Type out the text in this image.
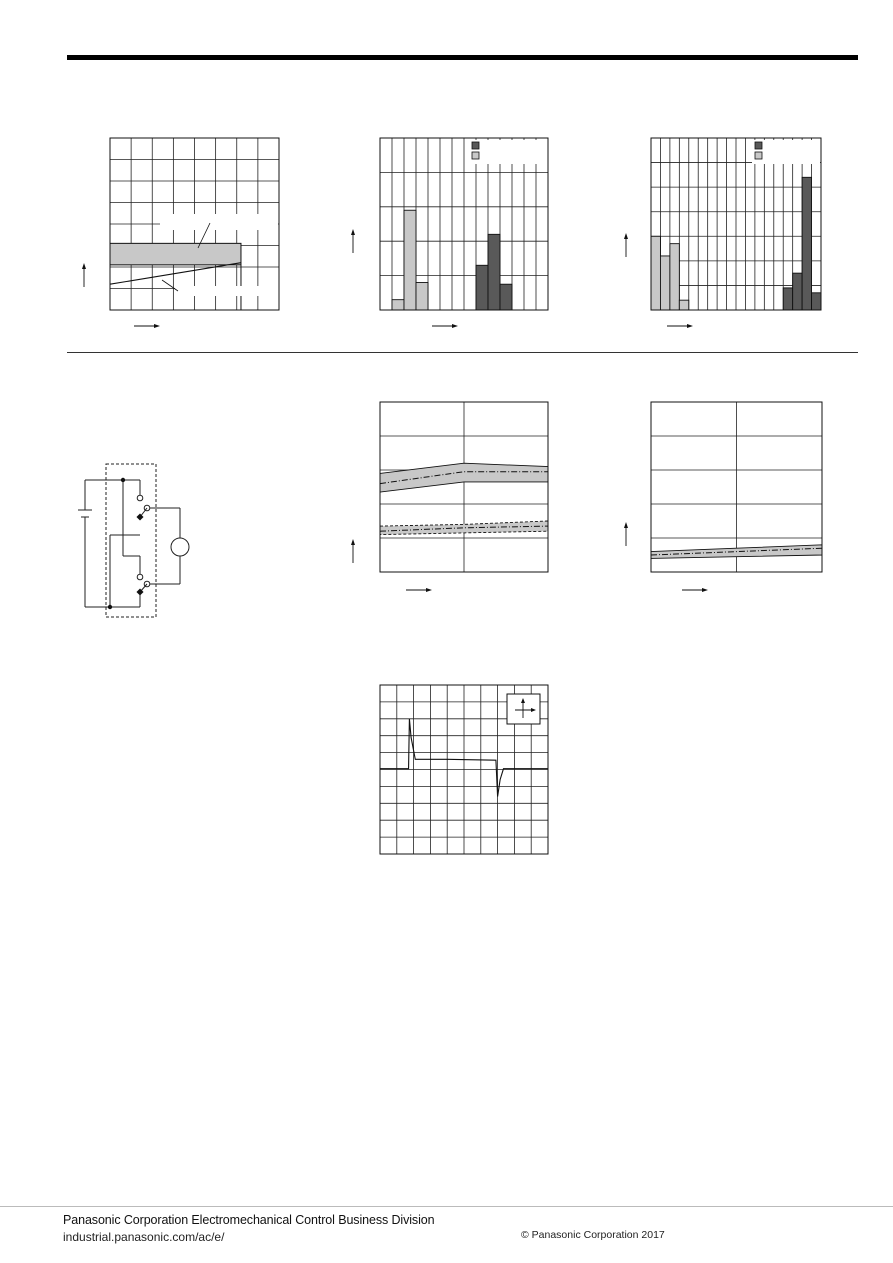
Panasonic Corporation Electromechanical Control Business Division
industrial.panasonic.com/ac/e/	© Panasonic Corporation 2017
